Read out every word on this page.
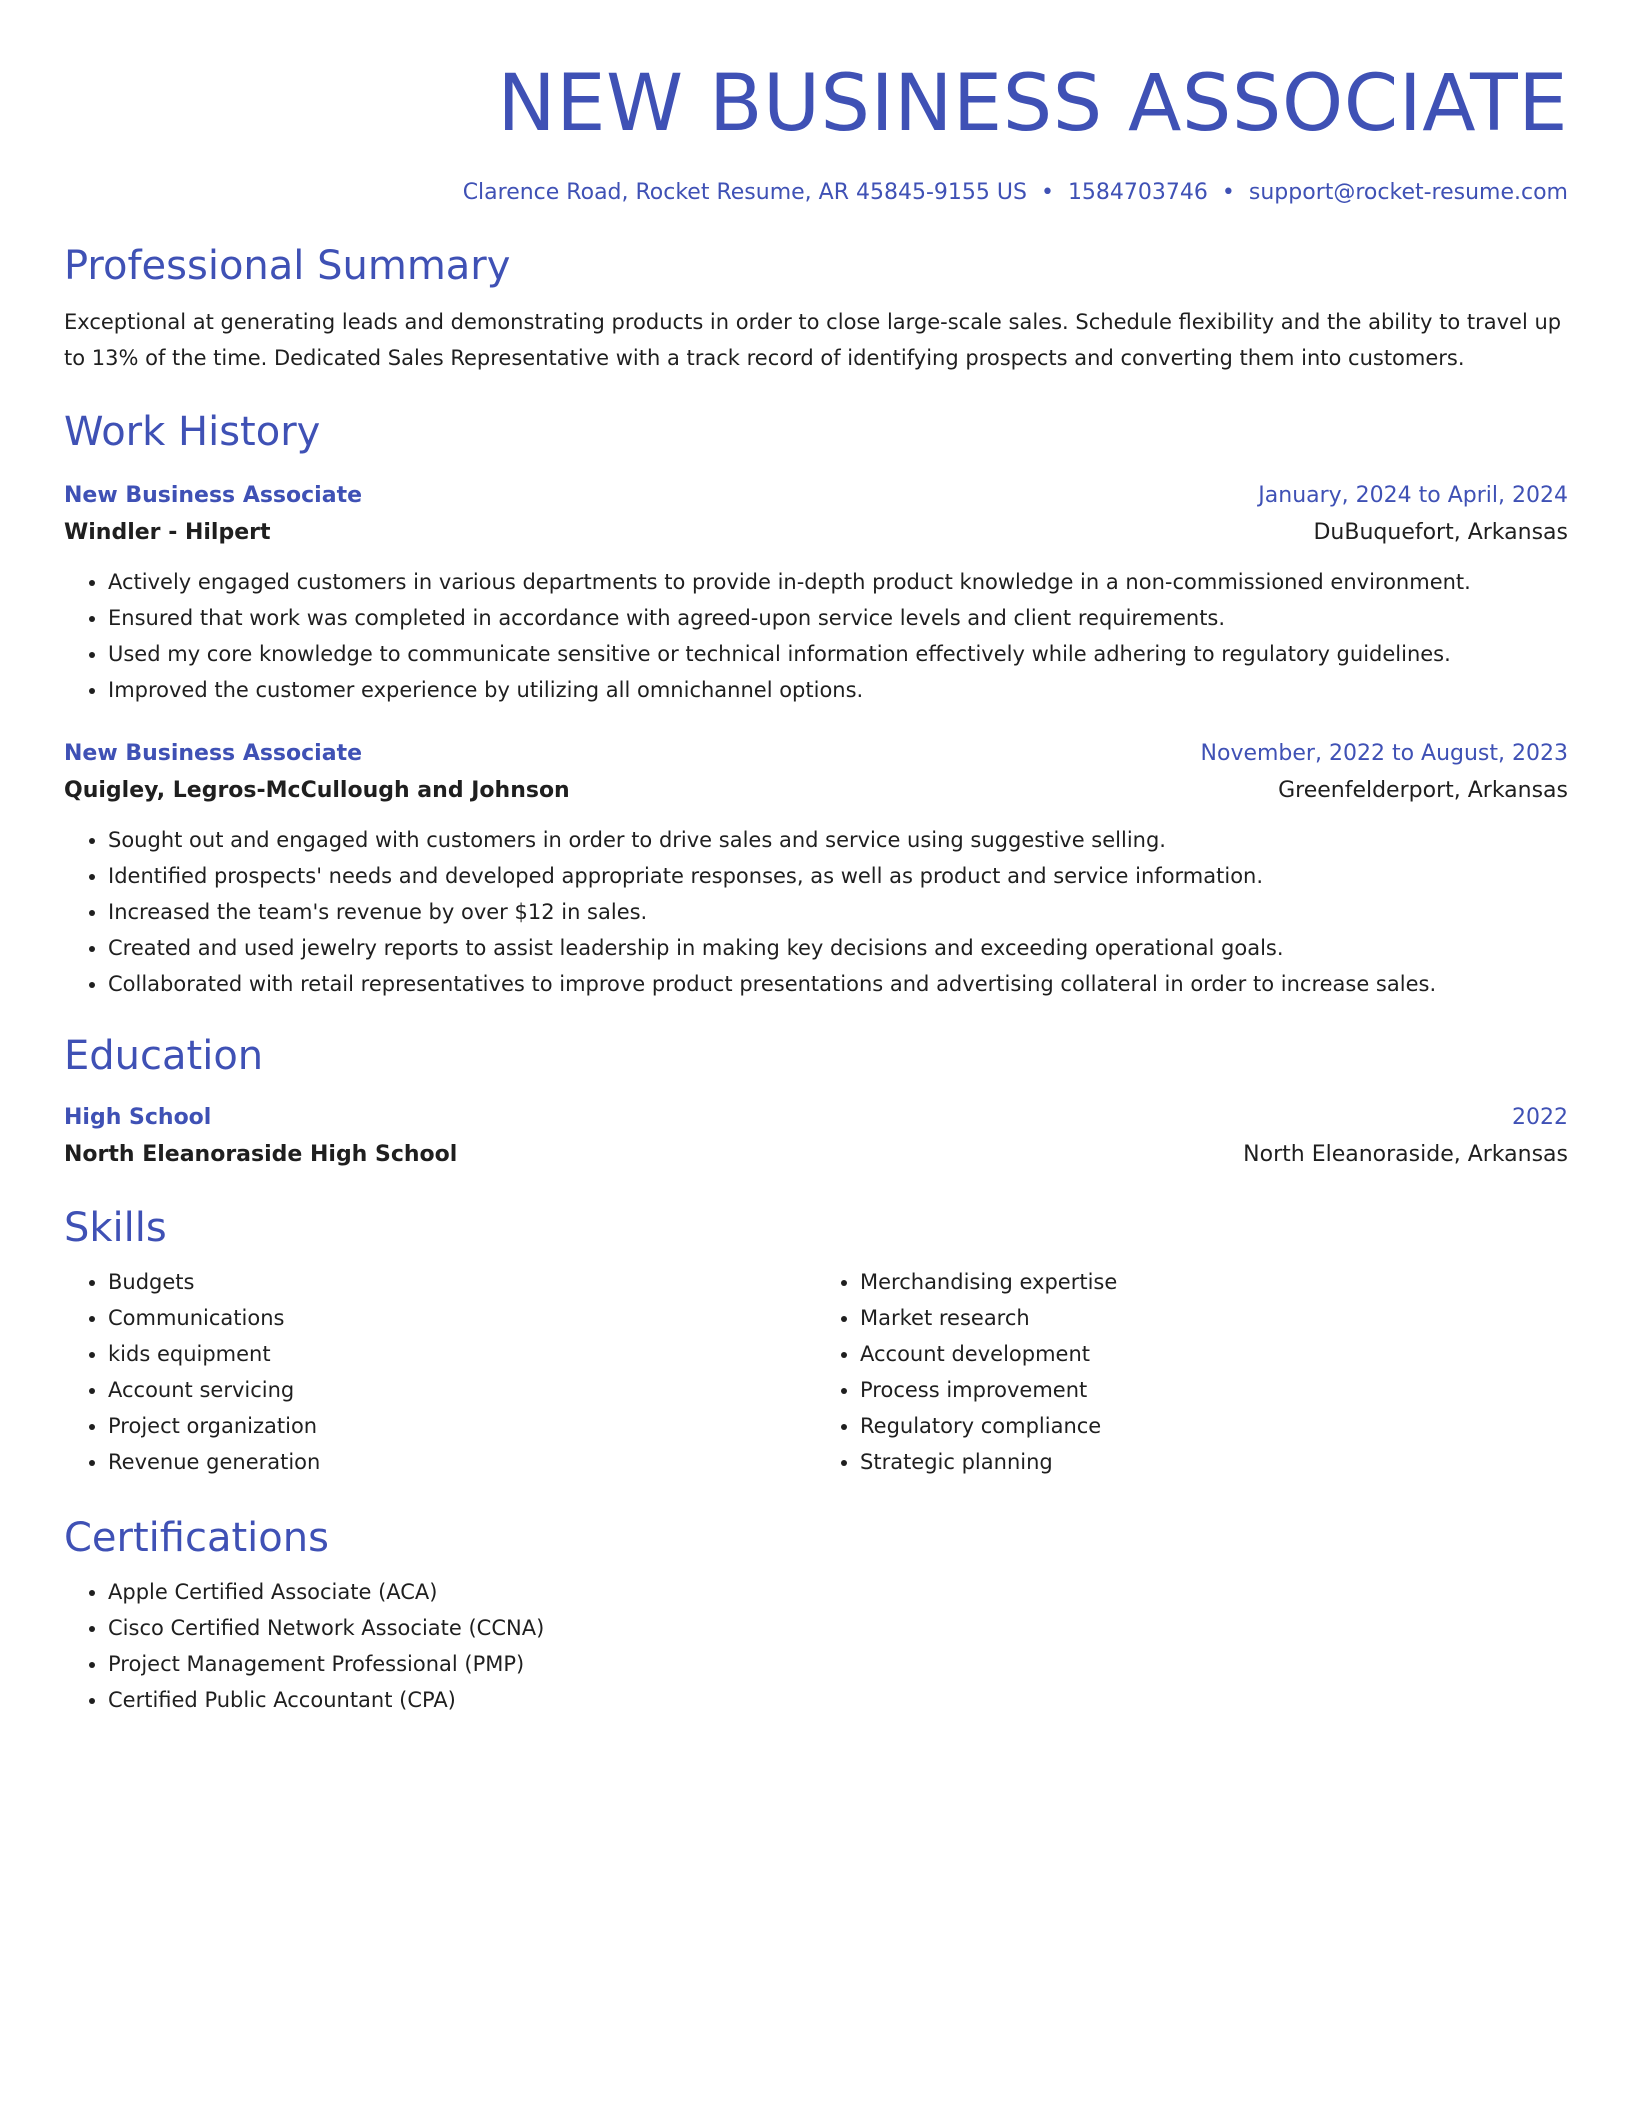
NEW BUSINESS ASSOCIATE
Clarence Road, Rocket Resume, AR 45845-9155 US • 1584703746 • support@rocket-resume.com
Professional Summary

Exceptional at generating leads and demonstrating products in order to close large-scale sales. Schedule flexibility and the ability to travel up to 13% of the time. Dedicated Sales Representative with a track record of identifying prospects and converting them into customers.

Work History
New Business Associate	January, 2024 to April, 2024
Windler - Hilpert	DuBuquefort, Arkansas
• Actively engaged customers in various departments to provide in-depth product knowledge in a non-commissioned environment.
• Ensured that work was completed in accordance with agreed-upon service levels and client requirements.
• Used my core knowledge to communicate sensitive or technical information effectively while adhering to regulatory guidelines.
• Improved the customer experience by utilizing all omnichannel options.
New Business Associate	November, 2022 to August, 2023
Quigley, Legros-McCullough and Johnson	Greenfelderport, Arkansas
• Sought out and engaged with customers in order to drive sales and service using suggestive selling.
• Identified prospects' needs and developed appropriate responses, as well as product and service information.
• Increased the team's revenue by over $12 in sales.
• Created and used jewelry reports to assist leadership in making key decisions and exceeding operational goals.
• Collaborated with retail representatives to improve product presentations and advertising collateral in order to increase sales.
Education
High School	2022
North Eleanoraside High School	North Eleanoraside, Arkansas
Skills
• Budgets
• Communications
• kids equipment
• Account servicing
• Project organization
• Revenue generation
• Merchandising expertise
• Market research
• Account development
• Process improvement
• Regulatory compliance
• Strategic planning
Certifications
• Apple Certified Associate (ACA)
• Cisco Certified Network Associate (CCNA)
• Project Management Professional (PMP)
• Certified Public Accountant (CPA)
